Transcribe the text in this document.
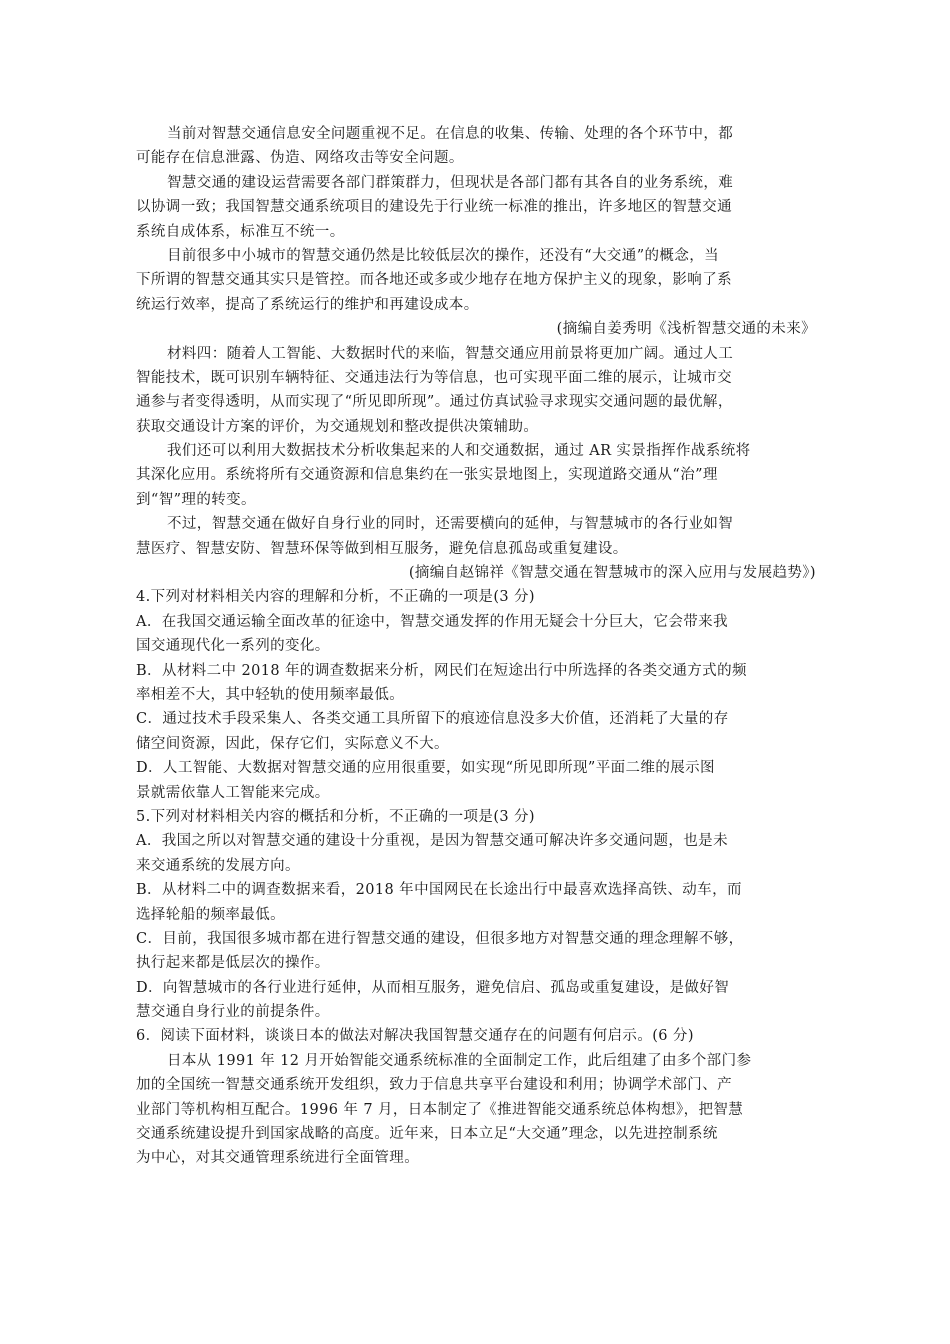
当前对智慧交通信息安全问题重视不足。在信息的收集、传输、处理的各个环节中，都
可能存在信息泄露、伪造、网络攻击等安全问题。
智慧交通的建设运营需要各部门群策群力，但现状是各部门都有其各自的业务系统，难
以协调一致；我国智慧交通系统项目的建设先于行业统一标准的推出，许多地区的智慧交通
系统自成体系，标准互不统一。
目前很多中小城市的智慧交通仍然是比较低层次的操作，还没有“大交通”的概念，当
下所谓的智慧交通其实只是管控。而各地还或多或少地存在地方保护主义的现象，影响了系
统运行效率，提高了系统运行的维护和再建设成本。
(摘编自姜秀明《浅析智慧交通的未来》
材料四：随着人工智能、大数据时代的来临，智慧交通应用前景将更加广阔。通过人工
智能技术，既可识别车辆特征、交通违法行为等信息，也可实现平面二维的展示，让城市交
通参与者变得透明，从而实现了“所见即所现”。通过仿真试验寻求现实交通问题的最优解，
获取交通设计方案的评价，为交通规划和整改提供决策辅助。
我们还可以利用大数据技术分析收集起来的人和交通数据，通过 AR 实景指挥作战系统将
其深化应用。系统将所有交通资源和信息集约在一张实景地图上，实现道路交通从“治”理
到“智”理的转变。
不过，智慧交通在做好自身行业的同时，还需要横向的延伸，与智慧城市的各行业如智
慧医疗、智慧安防、智慧环保等做到相互服务，避免信息孤岛或重复建设。
(摘编自赵锦祥《智慧交通在智慧城市的深入应用与发展趋势》)
4.下列对材料相关内容的理解和分析，不正确的一项是(3 分)
A．在我国交通运输全面改革的征途中，智慧交通发挥的作用无疑会十分巨大，它会带来我
国交通现代化一系列的变化。
B．从材料二中 2018 年的调查数据来分析，网民们在短途出行中所选择的各类交通方式的频
率相差不大，其中轻轨的使用频率最低。
C．通过技术手段采集人、各类交通工具所留下的痕迹信息没多大价值，还消耗了大量的存
储空间资源，因此，保存它们，实际意义不大。
D．人工智能、大数据对智慧交通的应用很重要，如实现“所见即所现”平面二维的展示图
景就需依靠人工智能来完成。
5.下列对材料相关内容的概括和分析，不正确的一项是(3 分)
A．我国之所以对智慧交通的建设十分重视，是因为智慧交通可解决许多交通问题，也是未
来交通系统的发展方向。
B．从材料二中的调查数据来看，2018 年中国网民在长途出行中最喜欢选择高铁、动车，而
选择轮船的频率最低。
C．目前，我国很多城市都在进行智慧交通的建设，但很多地方对智慧交通的理念理解不够，
执行起来都是低层次的操作。
D．向智慧城市的各行业进行延伸，从而相互服务，避免信启、孤岛或重复建设，是做好智
慧交通自身行业的前提条件。
6．阅读下面材料，谈谈日本的做法对解决我国智慧交通存在的问题有何启示。(6 分)
日本从 1991 年 12 月开始智能交通系统标准的全面制定工作，此后组建了由多个部门参
加的全国统一智慧交通系统开发组织，致力于信息共享平台建设和利用；协调学术部门、产
业部门等机构相互配合。1996 年 7 月，日本制定了《推进智能交通系统总体构想》，把智慧
交通系统建设提升到国家战略的高度。近年来，日本立足“大交通”理念，以先进控制系统
为中心，对其交通管理系统进行全面管理。
